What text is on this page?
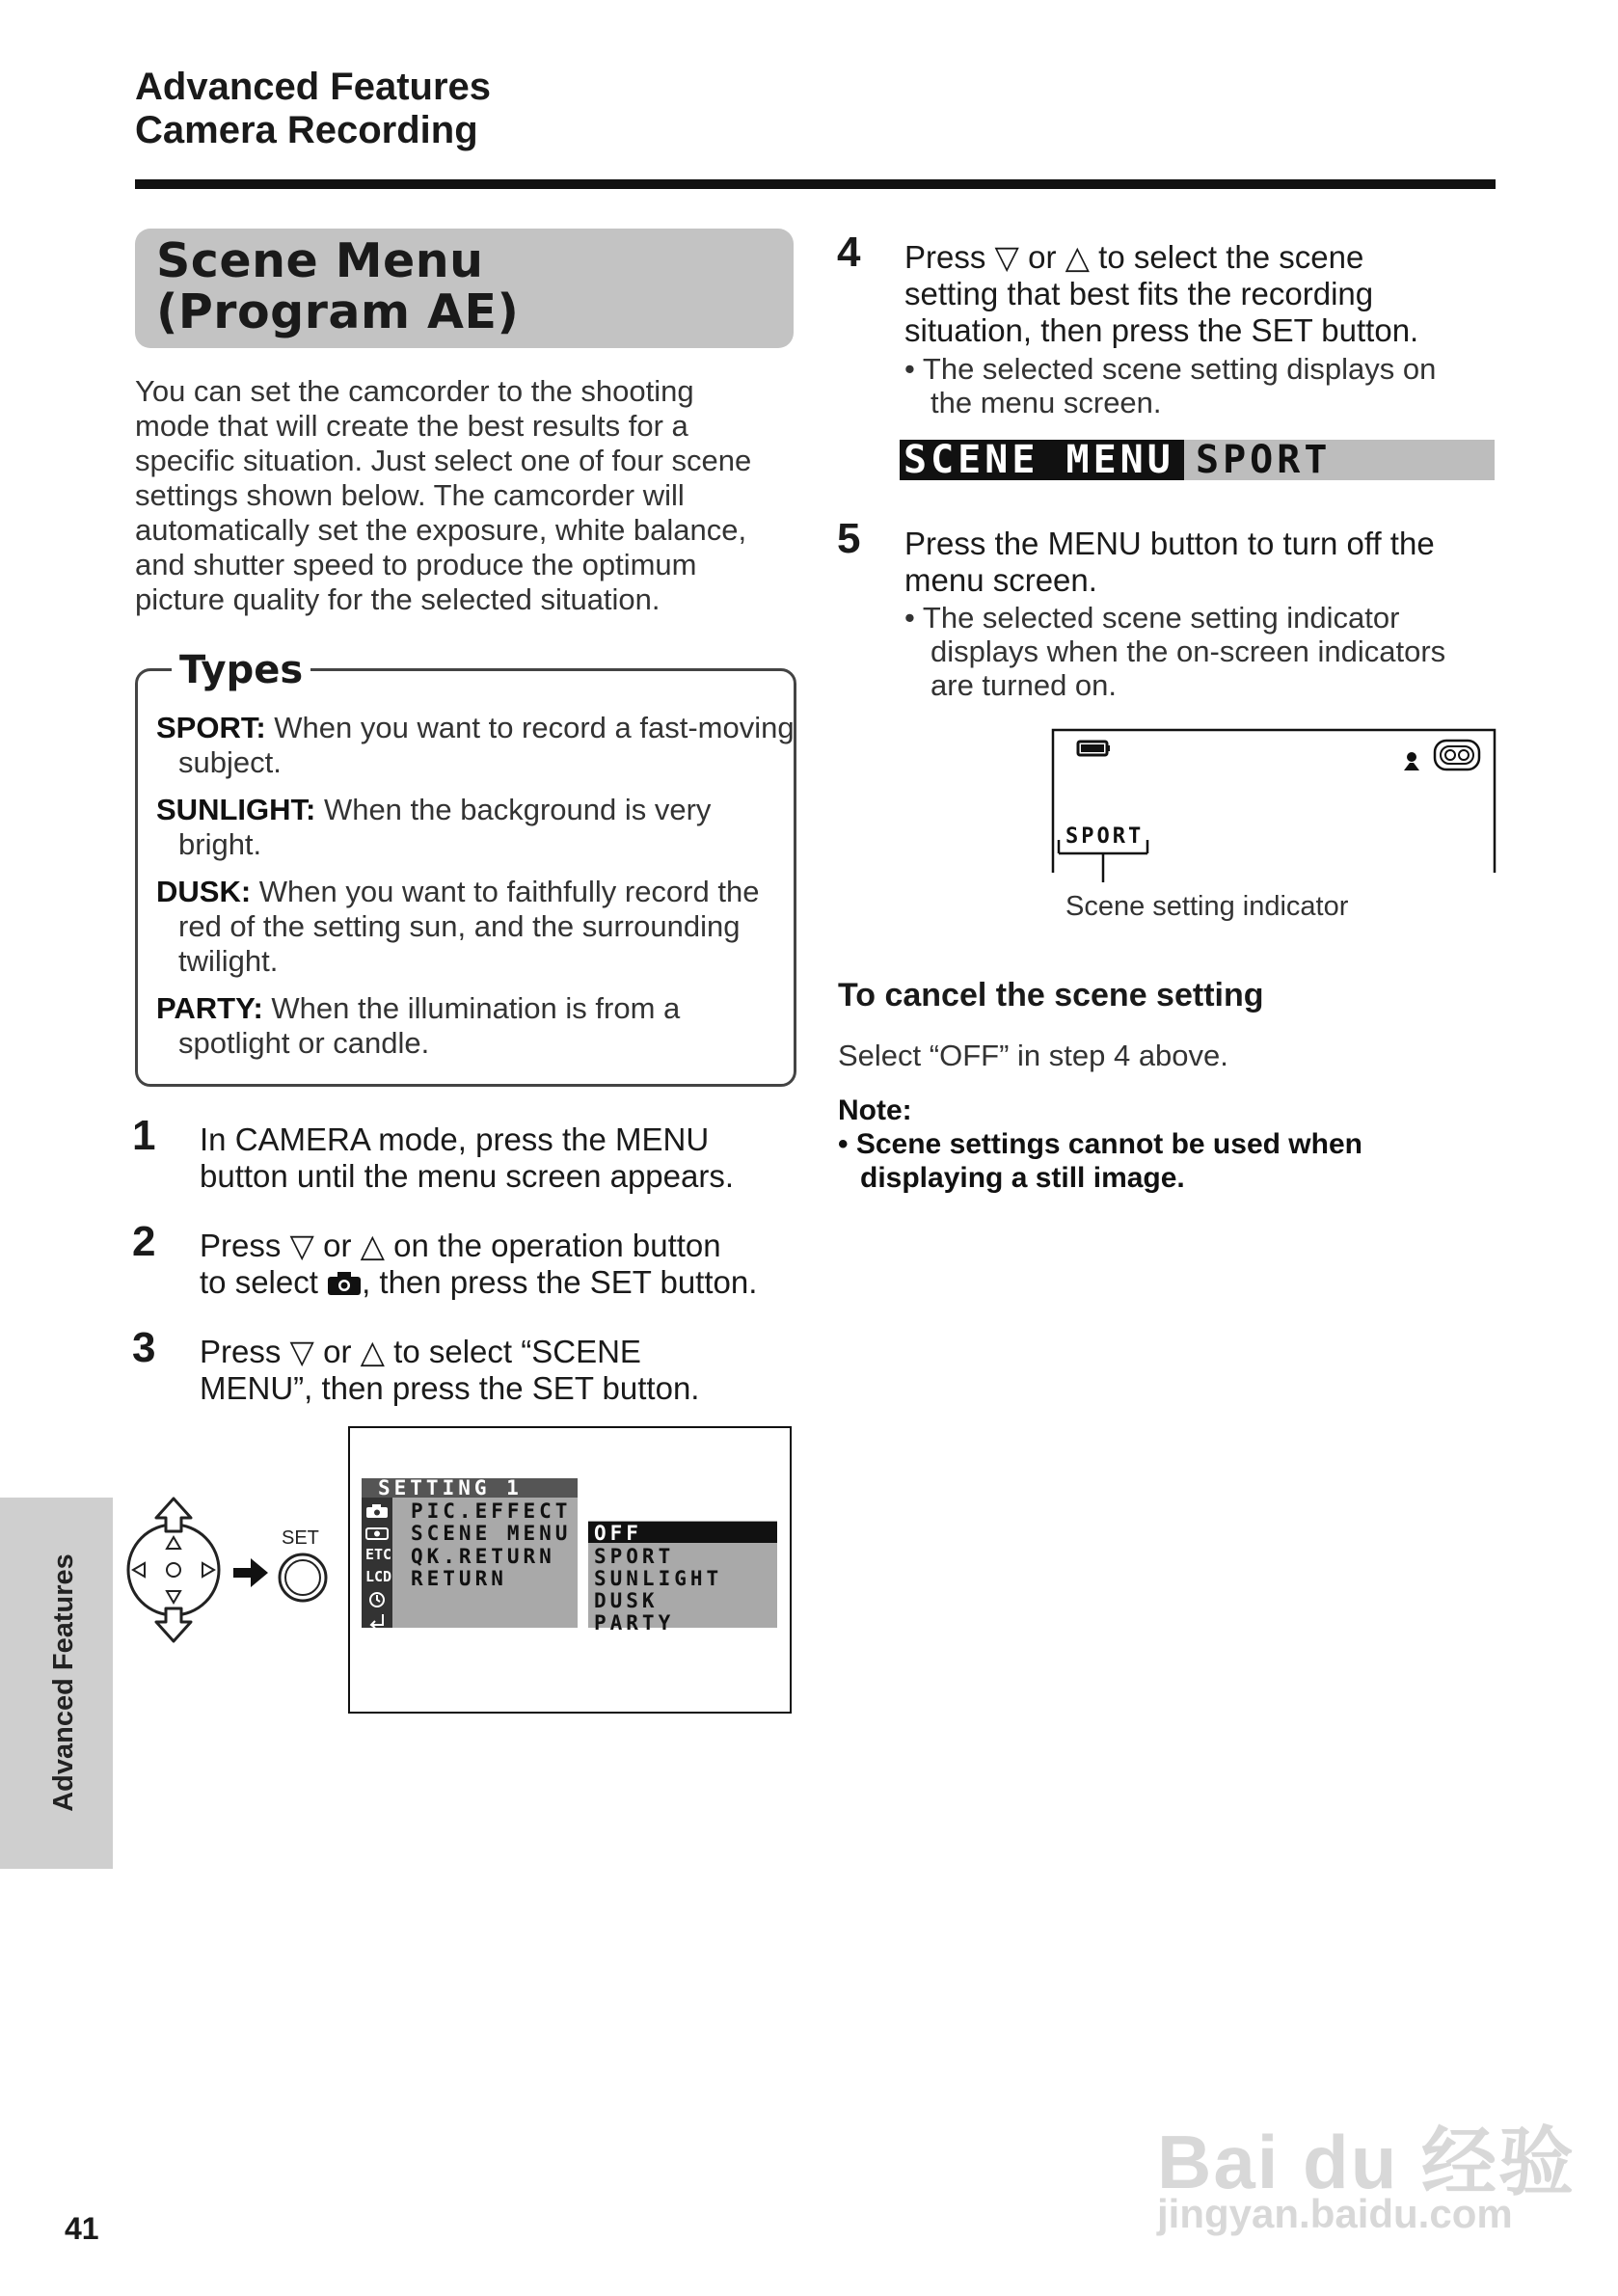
Advanced Features
Camera Recording
Scene Menu
(Program AE)
You can set the camcorder to the shooting
mode that will create the best results for a
specific situation. Just select one of four scene
settings shown below. The camcorder will
automatically set the exposure, white balance,
and shutter speed to produce the optimum
picture quality for the selected situation.
Types
SPORT: When you want to record a fast-moving subject.
SUNLIGHT: When the background is very bright.
DUSK: When you want to faithfully record the red of the setting sun, and the surrounding twilight.
PARTY: When the illumination is from a spotlight or candle.
1 In CAMERA mode, press the MENU
button until the menu screen appears.
2 Press ▽ or △ on the operation button
to select , then press the SET button.
3 Press ▽ or △ to select “SCENE
MENU”, then press the SET button.
SET
SETTING 1
PIC.EFFECT
SCENE MENU
QK.RETURN
RETURN
OFF
SPORT
SUNLIGHT
DUSK
PARTY
ETC
LCD
4 Press ▽ or △ to select the scene
setting that best fits the recording
situation, then press the SET button.
• The selected scene setting displays on
the menu screen.
SCENE MENU SPORT
5 Press the MENU button to turn off the
menu screen.
• The selected scene setting indicator
displays when the on-screen indicators
are turned on.
SPORT
Scene setting indicator
To cancel the scene setting
Select “OFF” in step 4 above.
Note:
• Scene settings cannot be used when
displaying a still image.
Advanced Features
41
Bai du 经验
jingyan.baidu.com
